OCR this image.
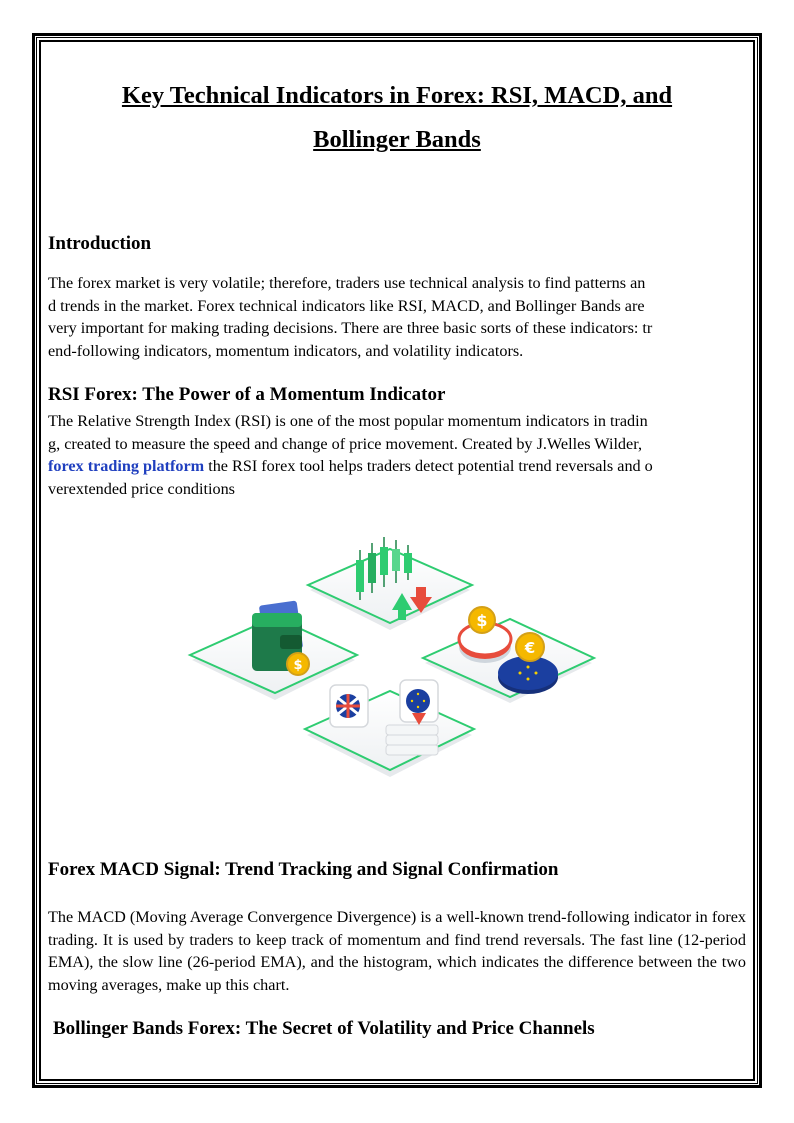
Key Technical Indicators in Forex: RSI, MACD, and
Bollinger Bands
Introduction

The forex market is very volatile; therefore, traders use technical analysis to find patterns an
d trends in the market. Forex technical indicators like RSI, MACD, and Bollinger Bands are
very important for making trading decisions. There are three basic sorts of these indicators: tr
end-following indicators, momentum indicators, and volatility indicators.

RSI Forex: The Power of a Momentum Indicator

The Relative Strength Index (RSI) is one of the most popular momentum indicators in tradin
g, created to measure the speed and change of price movement. Created by J.Welles Wilder,
forex trading platform the RSI forex tool helps traders detect potential trend reversals and o
verextended price conditions

$
$
€
Forex MACD Signal: Trend Tracking and Signal Confirmation

The MACD (Moving Average Convergence Divergence) is a well-known trend-following indicator in forex trading. It is used by traders to keep track of momentum and find trend reversals. The fast line (12-period EMA), the slow line (26-period EMA), and the histogram, which indicates the difference between the two moving averages, make up this chart.

Bollinger Bands Forex: The Secret of Volatility and Price Channels
